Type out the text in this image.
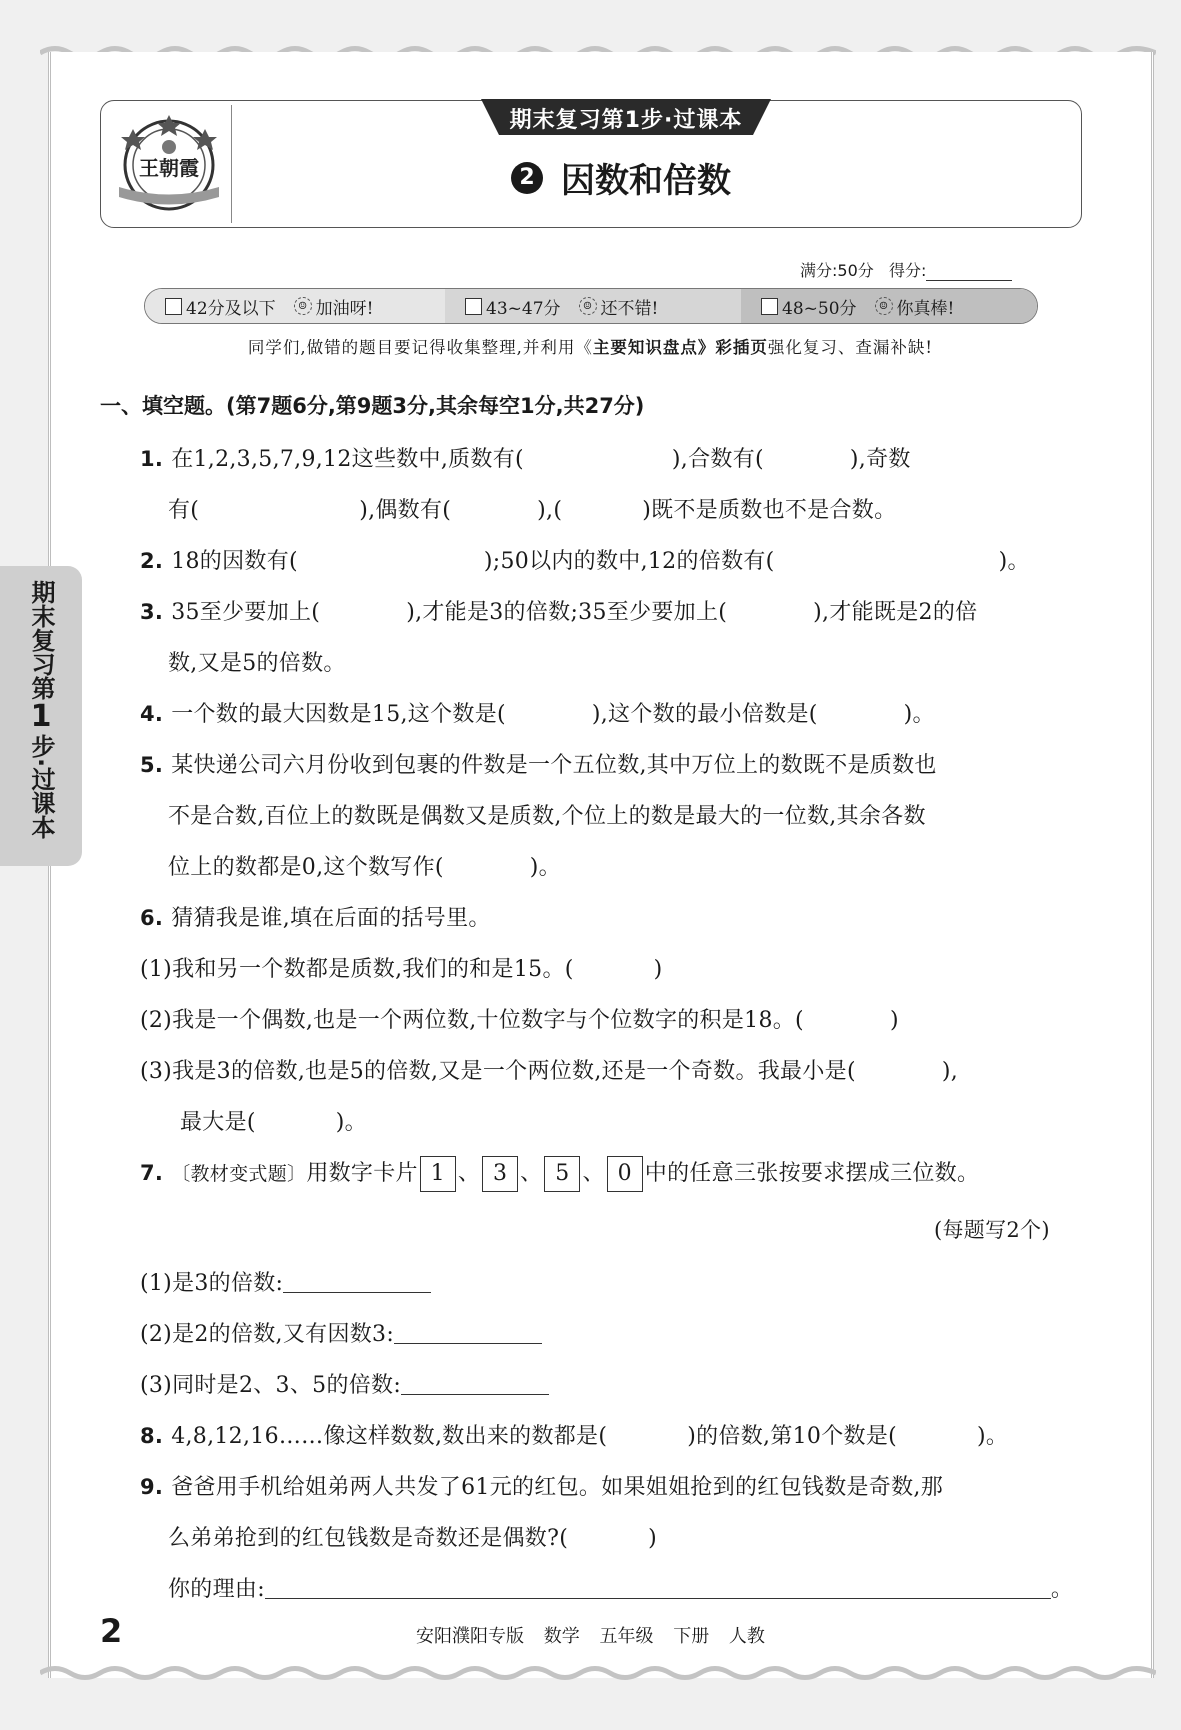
王朝霞
期末复习第1步·过课本
2 因数和倍数
满分:50分 得分:
42分及以下	☺ 加油呀!	43~47分	☺ 还不错!	48~50分	☺ 你真棒!
同学们,做错的题目要记得收集整理,并利用《主要知识盘点》彩插页强化复习、查漏补缺!
期末复习第
1
步·过课本
一、填空题。(第7题6分,第9题3分,其余每空1分,共27分)
1. 在1,2,3,5,7,9,12这些数中,质数有(	),合数有(	),奇数
有(	),偶数有(	),(	)既不是质数也不是合数。
2. 18的因数有(	);50以内的数中,12的倍数有(	)。
3. 35至少要加上(	),才能是3的倍数;35至少要加上(	),才能既是2的倍
数,又是5的倍数。
4. 一个数的最大因数是15,这个数是(	),这个数的最小倍数是(	)。
5. 某快递公司六月份收到包裹的件数是一个五位数,其中万位上的数既不是质数也
不是合数,百位上的数既是偶数又是质数,个位上的数是最大的一位数,其余各数
位上的数都是0,这个数写作(	)。
6. 猜猜我是谁,填在后面的括号里。
(1)我和另一个数都是质数,我们的和是15。(	)
(2)我是一个偶数,也是一个两位数,十位数字与个位数字的积是18。(	)
(3)我是3的倍数,也是5的倍数,又是一个两位数,还是一个奇数。我最小是(	),
最大是(	)。
7. 〔教材变式题〕用数字卡片 1 、 3 、 5 、 0 中的任意三张按要求摆成三位数。
(每题写2个)
(1)是3的倍数:
(2)是2的倍数,又有因数3:
(3)同时是2、3、5的倍数:
8. 4,8,12,16……像这样数数,数出来的数都是(	)的倍数,第10个数是(	)。
9. 爸爸用手机给姐弟两人共发了61元的红包。如果姐姐抢到的红包钱数是奇数,那
么弟弟抢到的红包钱数是奇数还是偶数?(	)
你的理由:	。
2	安阳濮阳专版 数学 五年级 下册 人教
